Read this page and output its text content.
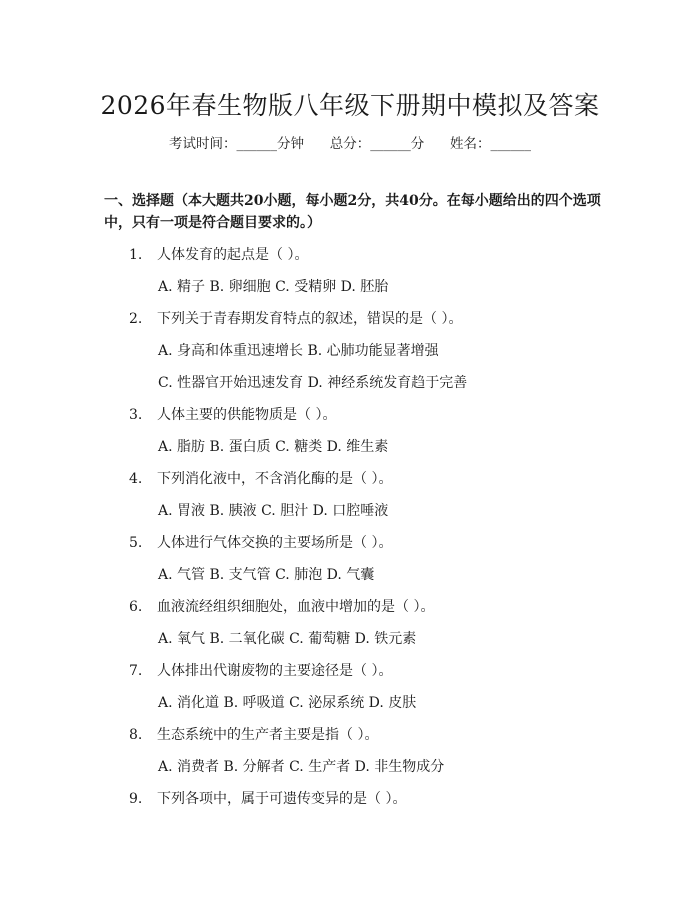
2026年春生物版八年级下册期中模拟及答案
考试时间：______分钟      总分：______分      姓名：______

一、选择题（本大题共20小题，每小题2分，共40分。在每小题给出的四个选项中，只有一项是符合题目要求的。）

1. 人体发育的起点是（ ）。
A. 精子 B. 卵细胞 C. 受精卵 D. 胚胎
2. 下列关于青春期发育特点的叙述，错误的是（ ）。
A. 身高和体重迅速增长 B. 心肺功能显著增强
C. 性器官开始迅速发育 D. 神经系统发育趋于完善
3. 人体主要的供能物质是（ ）。
A. 脂肪 B. 蛋白质 C. 糖类 D. 维生素
4. 下列消化液中，不含消化酶的是（ ）。
A. 胃液 B. 胰液 C. 胆汁 D. 口腔唾液
5. 人体进行气体交换的主要场所是（ ）。
A. 气管 B. 支气管 C. 肺泡 D. 气囊
6. 血液流经组织细胞处，血液中增加的是（ ）。
A. 氧气 B. 二氧化碳 C. 葡萄糖 D. 铁元素
7. 人体排出代谢废物的主要途径是（ ）。
A. 消化道 B. 呼吸道 C. 泌尿系统 D. 皮肤
8. 生态系统中的生产者主要是指（ ）。
A. 消费者 B. 分解者 C. 生产者 D. 非生物成分
9. 下列各项中，属于可遗传变异的是（ ）。
